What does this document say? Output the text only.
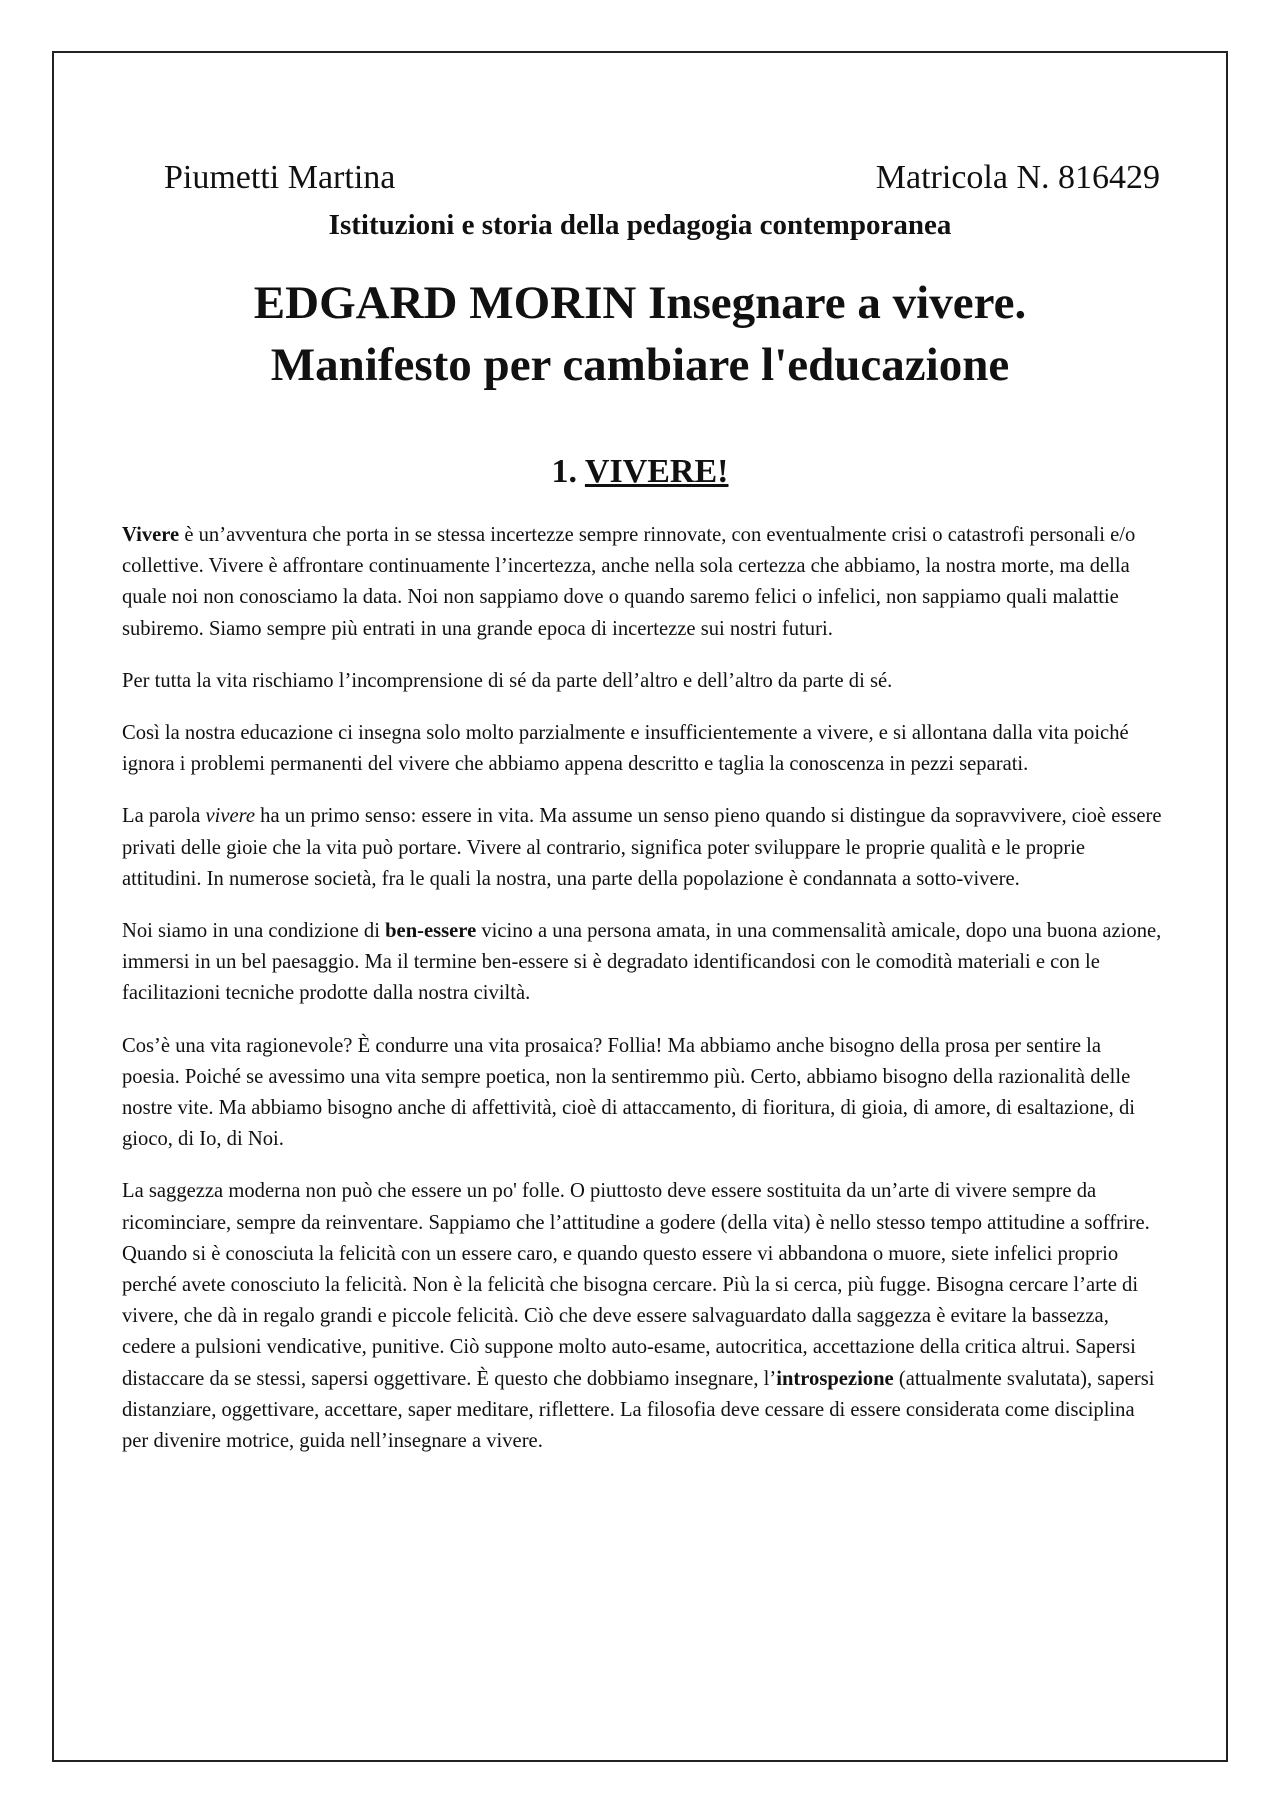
Piumetti Martina	Matricola N. 816429
Istituzioni e storia della pedagogia contemporanea
EDGARD MORIN Insegnare a vivere.
Manifesto per cambiare l'educazione
1. VIVERE!

Vivere è un’avventura che porta in se stessa incertezze sempre rinnovate, con eventualmente crisi o catastrofi personali e/o collettive. Vivere è affrontare continuamente l’incertezza, anche nella sola certezza che abbiamo, la nostra morte, ma della quale noi non conosciamo la data. Noi non sappiamo dove o quando saremo felici o infelici, non sappiamo quali malattie subiremo. Siamo sempre più entrati in una grande epoca di incertezze sui nostri futuri.

Per tutta la vita rischiamo l’incomprensione di sé da parte dell’altro e dell’altro da parte di sé.

Così la nostra educazione ci insegna solo molto parzialmente e insufficientemente a vivere, e si allontana dalla vita poiché ignora i problemi permanenti del vivere che abbiamo appena descritto e taglia la conoscenza in pezzi separati.

La parola vivere ha un primo senso: essere in vita. Ma assume un senso pieno quando si distingue da sopravvivere, cioè essere privati delle gioie che la vita può portare. Vivere al contrario, significa poter sviluppare le proprie qualità e le proprie attitudini. In numerose società, fra le quali la nostra, una parte della popolazione è condannata a sotto-vivere.

Noi siamo in una condizione di ben-essere vicino a una persona amata, in una commensalità amicale, dopo una buona azione, immersi in un bel paesaggio. Ma il termine ben-essere si è degradato identificandosi con le comodità materiali e con le facilitazioni tecniche prodotte dalla nostra civiltà.

Cos’è una vita ragionevole? È condurre una vita prosaica? Follia! Ma abbiamo anche bisogno della prosa per sentire la poesia. Poiché se avessimo una vita sempre poetica, non la sentiremmo più. Certo, abbiamo bisogno della razionalità delle nostre vite. Ma abbiamo bisogno anche di affettività, cioè di attaccamento, di fioritura, di gioia, di amore, di esaltazione, di gioco, di Io, di Noi.

La saggezza moderna non può che essere un po' folle. O piuttosto deve essere sostituita da un’arte di vivere sempre da ricominciare, sempre da reinventare. Sappiamo che l’attitudine a godere (della vita) è nello stesso tempo attitudine a soffrire. Quando si è conosciuta la felicità con un essere caro, e quando questo essere vi abbandona o muore, siete infelici proprio perché avete conosciuto la felicità. Non è la felicità che bisogna cercare. Più la si cerca, più fugge. Bisogna cercare l’arte di vivere, che dà in regalo grandi e piccole felicità. Ciò che deve essere salvaguardato dalla saggezza è evitare la bassezza, cedere a pulsioni vendicative, punitive. Ciò suppone molto auto-esame, autocritica, accettazione della critica altrui. Sapersi distaccare da se stessi, sapersi oggettivare. È questo che dobbiamo insegnare, l’introspezione (attualmente svalutata), sapersi distanziare, oggettivare, accettare, saper meditare, riflettere. La filosofia deve cessare di essere considerata come disciplina per divenire motrice, guida nell’insegnare a vivere.
